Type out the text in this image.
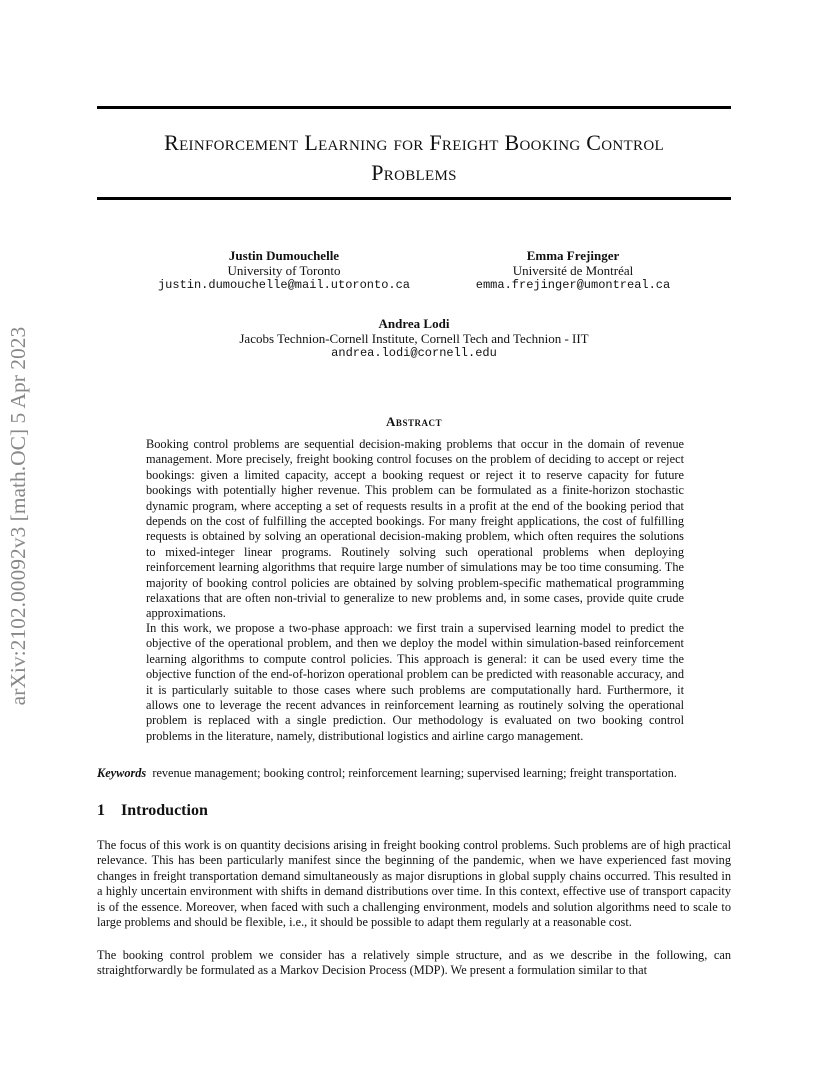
arXiv:2102.00092v3 [math.OC] 5 Apr 2023
Reinforcement Learning for Freight Booking Control
Problems
Justin Dumouchelle
University of Toronto
justin.dumouchelle@mail.utoronto.ca
Emma Frejinger
Université de Montréal
emma.frejinger@umontreal.ca
Andrea Lodi
Jacobs Technion-Cornell Institute, Cornell Tech and Technion - IIT
andrea.lodi@cornell.edu
Abstract

Booking control problems are sequential decision-making problems that occur in the domain of revenue management. More precisely, freight booking control focuses on the problem of deciding to accept or reject bookings: given a limited capacity, accept a booking request or reject it to reserve capacity for future bookings with potentially higher revenue. This problem can be formulated as a finite-horizon stochastic dynamic program, where accepting a set of requests results in a profit at the end of the booking period that depends on the cost of fulfilling the accepted bookings. For many freight applications, the cost of fulfilling requests is obtained by solving an operational decision-making problem, which often requires the solutions to mixed-integer linear programs. Routinely solving such operational problems when deploying reinforcement learning algorithms that require large number of simulations may be too time consuming. The majority of booking control policies are obtained by solving problem-specific mathematical programming relaxations that are often non-trivial to generalize to new problems and, in some cases, provide quite crude approximations.

In this work, we propose a two-phase approach: we first train a supervised learning model to predict the objective of the operational problem, and then we deploy the model within simulation-based reinforcement learning algorithms to compute control policies. This approach is general: it can be used every time the objective function of the end-of-horizon operational problem can be predicted with reasonable accuracy, and it is particularly suitable to those cases where such problems are computationally hard. Furthermore, it allows one to leverage the recent advances in reinforcement learning as routinely solving the operational problem is replaced with a single prediction. Our methodology is evaluated on two booking control problems in the literature, namely, distributional logistics and airline cargo management.

Keywords revenue management; booking control; reinforcement learning; supervised learning; freight transportation.
1 Introduction

The focus of this work is on quantity decisions arising in freight booking control problems. Such problems are of high practical relevance. This has been particularly manifest since the beginning of the pandemic, when we have experienced fast moving changes in freight transportation demand simultaneously as major disruptions in global supply chains occurred. This resulted in a highly uncertain environment with shifts in demand distributions over time. In this context, effective use of transport capacity is of the essence. Moreover, when faced with such a challenging environment, models and solution algorithms need to scale to large problems and should be flexible, i.e., it should be possible to adapt them regularly at a reasonable cost.

The booking control problem we consider has a relatively simple structure, and as we describe in the following, can straightforwardly be formulated as a Markov Decision Process (MDP). We present a formulation similar to that
